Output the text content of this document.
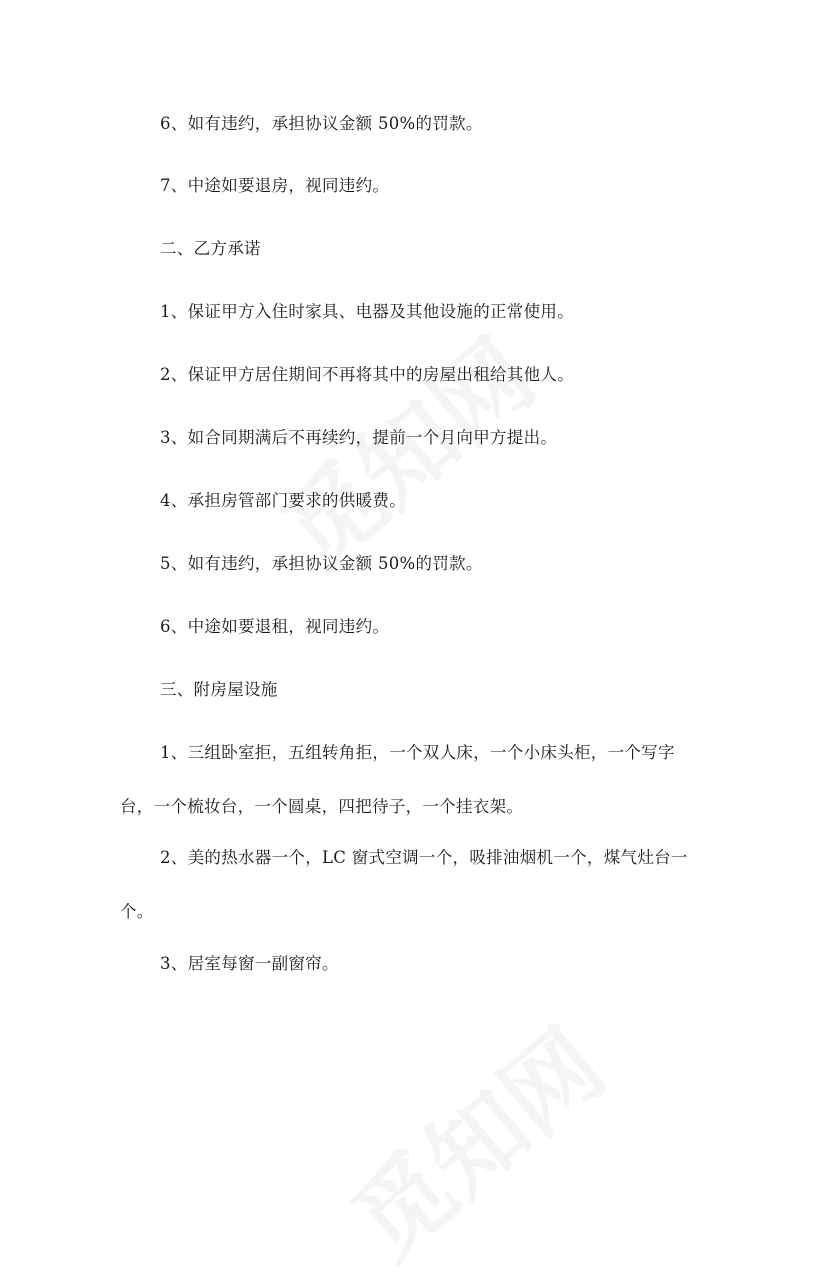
6、如有违约，承担协议金额 50%的罚款。

7、中途如要退房，视同违约。

二、乙方承诺

1、保证甲方入住时家具、电器及其他设施的正常使用。

2、保证甲方居住期间不再将其中的房屋出租给其他人。

3、如合同期满后不再续约，提前一个月向甲方提出。

4、承担房管部门要求的供暖费。

5、如有违约，承担协议金额 50%的罚款。

6、中途如要退租，视同违约。

三、附房屋设施

1、三组卧室拒，五组转角拒，一个双人床，一个小床头柜，一个写字台，一个梳妆台，一个圆桌，四把待子，一个挂衣架。

2、美的热水器一个，LC 窗式空调一个，吸排油烟机一个，煤气灶台一个。

3、居室每窗一副窗帘。
